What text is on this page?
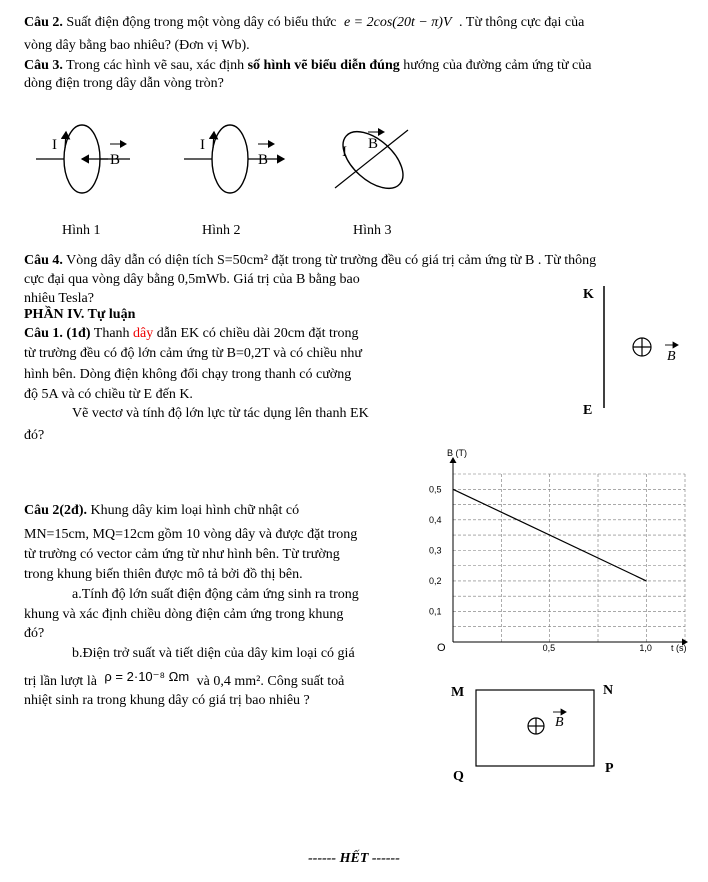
Câu 2. Suất điện động trong một vòng dây có biểu thức e = 2cos(20t − π)V . Từ thông cực đại của
vòng dây bằng bao nhiêu? (Đơn vị Wb).
Câu 3. Trong các hình vẽ sau, xác định số hình vẽ biểu diễn đúng hướng của đường cảm ứng từ của
dòng điện trong dây dẫn vòng tròn?
I
B
Hình 1
I
B
Hình 2
I B
Hình 3
Câu 4. Vòng dây dẫn có diện tích S=50cm² đặt trong từ trường đều có giá trị cảm ứng từ B . Từ thông
cực đại qua vòng dây bằng 0,5mWb. Giá trị của B bằng bao
nhiêu Tesla?
PHẦN IV. Tự luận
Câu 1. (1đ) Thanh dây dẫn EK có chiều dài 20cm đặt trong
từ trường đều có độ lớn cảm ứng từ B=0,2T và có chiều như
hình bên. Dòng điện không đổi chạy trong thanh có cường
độ 5A và có chiều từ E đến K.
Vẽ vectơ và tính độ lớn lực từ tác dụng lên thanh EK
đó?
K
E
B
Câu 2(2đ). Khung dây kim loại hình chữ nhật có
MN=15cm, MQ=12cm gồm 10 vòng dây và được đặt trong
từ trường có vector cảm ứng từ như hình bên. Từ trường
trong khung biến thiên được mô tả bởi đồ thị bên.
a.Tính độ lớn suất điện động cảm ứng sinh ra trong
khung và xác định chiều dòng điện cảm ứng trong khung
đó?
b.Điện trở suất và tiết diện của dây kim loại có giá
trị lần lượt là ρ = 2·10⁻⁸ Ωm và 0,4 mm². Công suất toả
nhiệt sinh ra trong khung dây có giá trị bao nhiêu ?
B (T)
t (s)
O
0,1
0,2
0,3
0,4
0,5
0,5	1,0
M	N
P
Q
B
------ HẾT ------
